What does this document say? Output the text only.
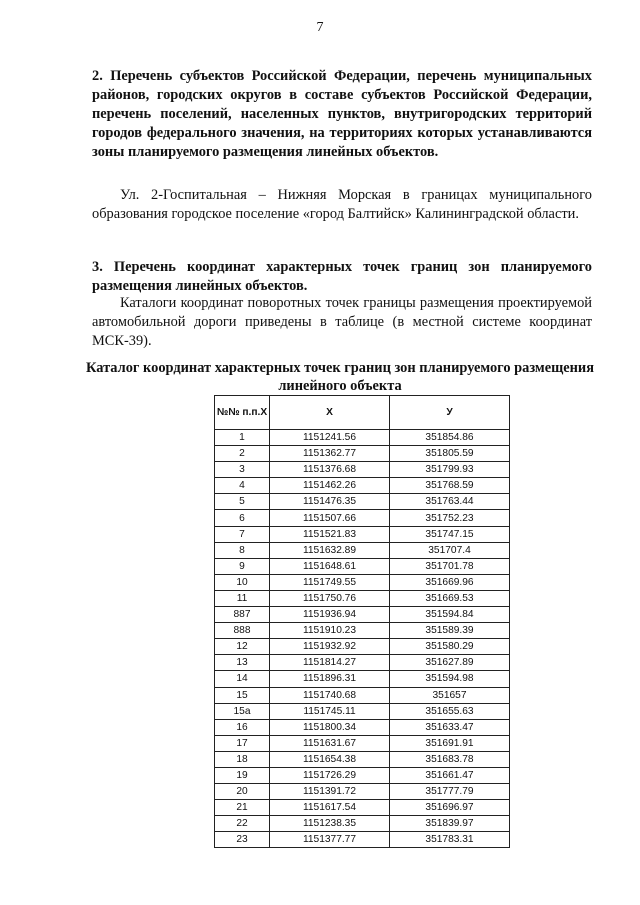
7
2. Перечень субъектов Российской Федерации, перечень муниципальных районов, городских округов в составе субъектов Российской Федерации, перечень поселений, населенных пунктов, внутригородских территорий городов федерального значения, на территориях которых устанавливаются зоны планируемого размещения линейных объектов.
Ул. 2-Госпитальная – Нижняя Морская в границах муниципального образования городское поселение «город Балтийск» Калининградской области.
3. Перечень координат характерных точек границ зон планируемого размещения линейных объектов.
Каталоги координат поворотных точек границы размещения проектируемой автомобильной дороги приведены в таблице (в местной системе координат МСК-39).
Каталог координат характерных точек границ зон планируемого размещения линейного объекта
№№ п.п.Х	X	У
1	1151241.56	351854.86
2	1151362.77	351805.59
3	1151376.68	351799.93
4	1151462.26	351768.59
5	1151476.35	351763.44
6	1151507.66	351752.23
7	1151521.83	351747.15
8	1151632.89	351707.4
9	1151648.61	351701.78
10	1151749.55	351669.96
11	1151750.76	351669.53
887	1151936.94	351594.84
888	1151910.23	351589.39
12	1151932.92	351580.29
13	1151814.27	351627.89
14	1151896.31	351594.98
15	1151740.68	351657
15а	1151745.11	351655.63
16	1151800.34	351633.47
17	1151631.67	351691.91
18	1151654.38	351683.78
19	1151726.29	351661.47
20	1151391.72	351777.79
21	1151617.54	351696.97
22	1151238.35	351839.97
23	1151377.77	351783.31
